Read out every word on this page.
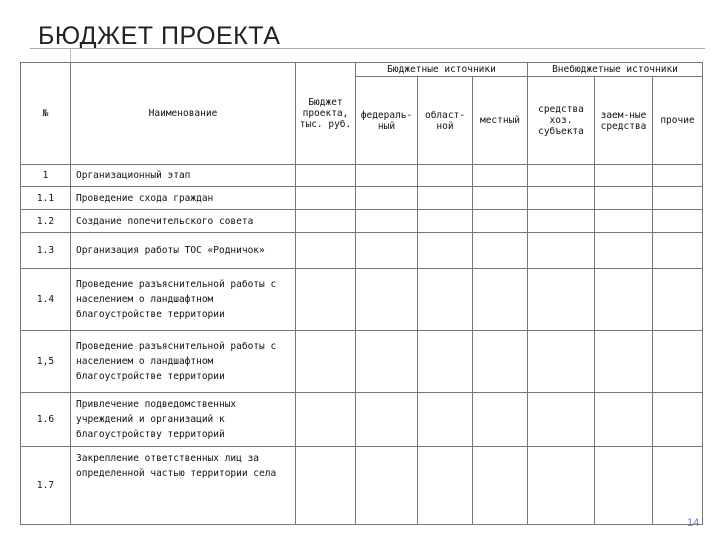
БЮДЖЕТ ПРОЕКТА
№	Наименование	Бюджет проекта, тыс. руб.	Бюджетные источники			Внебюджетные источники		
			федераль-ный	област-ной	местный	средства хоз. субъекта	заем-ные средства	прочие
1	Организационный этап							
1.1	Проведение схода граждан							
1.2	Создание попечительского совета							
1.3	Организация работы ТОС «Родничок»							
1.4	Проведение разъяснительной работы с населением о ландшафтном благоустройстве территории							
1,5	Проведение разъяснительной работы с населением о ландшафтном благоустройстве территории							
1.6	Привлечение подведомственных учреждений и организаций к благоустройству территорий							
1.7	Закрепление ответственных лиц за определенной частью территории села							
14
